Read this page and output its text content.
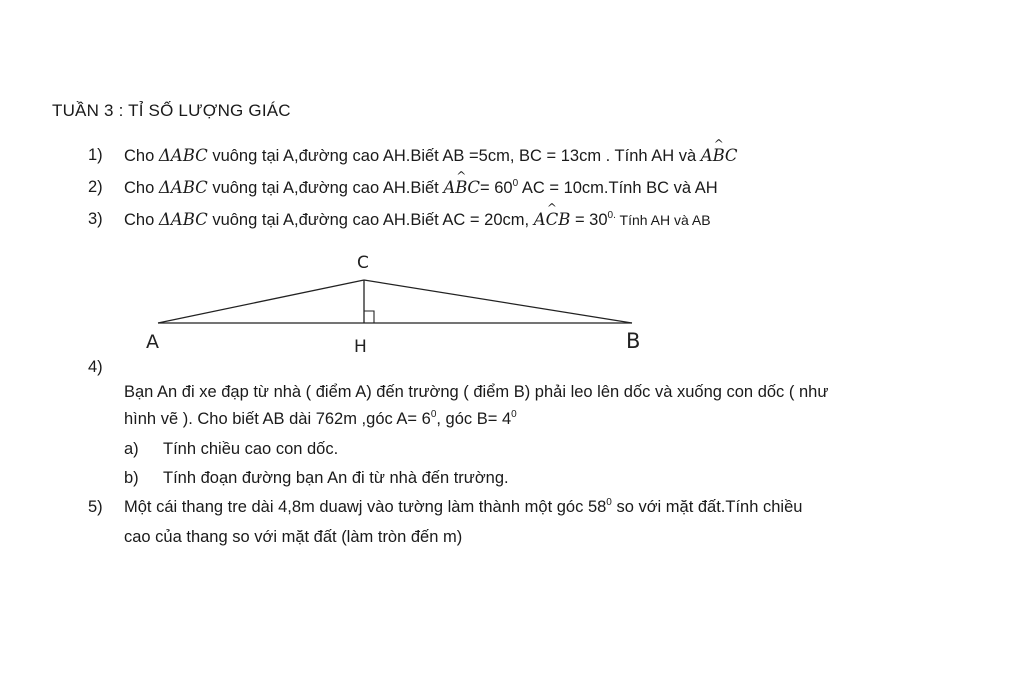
TUẦN 3 : TỈ SỐ LƯỢNG GIÁC
1) Cho ΔABC vuông tại A,đường cao AH.Biết AB =5cm, BC = 13cm . Tính AH và A^ BC
2) Cho ΔABC vuông tại A,đường cao AH.Biết A^ $BC= 60^0$ AC = 10cm.Tính BC và AH
3) Cho ΔABC vuông tại A,đường cao AH.Biết AC = 20cm, A^ CB = $30^{0.}$ Tính AH và AB
C
A	H	B
4)
Bạn An đi xe đạp từ nhà ( điểm A) đến trường ( điểm B) phải leo lên dốc và xuống con dốc ( như
hình vẽ ). Cho biết AB dài 762m ,góc $A= 6^0$, góc $B= 4^0$
a) Tính chiều cao con dốc.
b) Tính đoạn đường bạn An đi từ nhà đến trường.
5) Một cái thang tre dài 4,8m duawj vào tường làm thành một góc $58^0$ so với mặt đất.Tính chiều
cao của thang so với mặt đất (làm tròn đến m)
